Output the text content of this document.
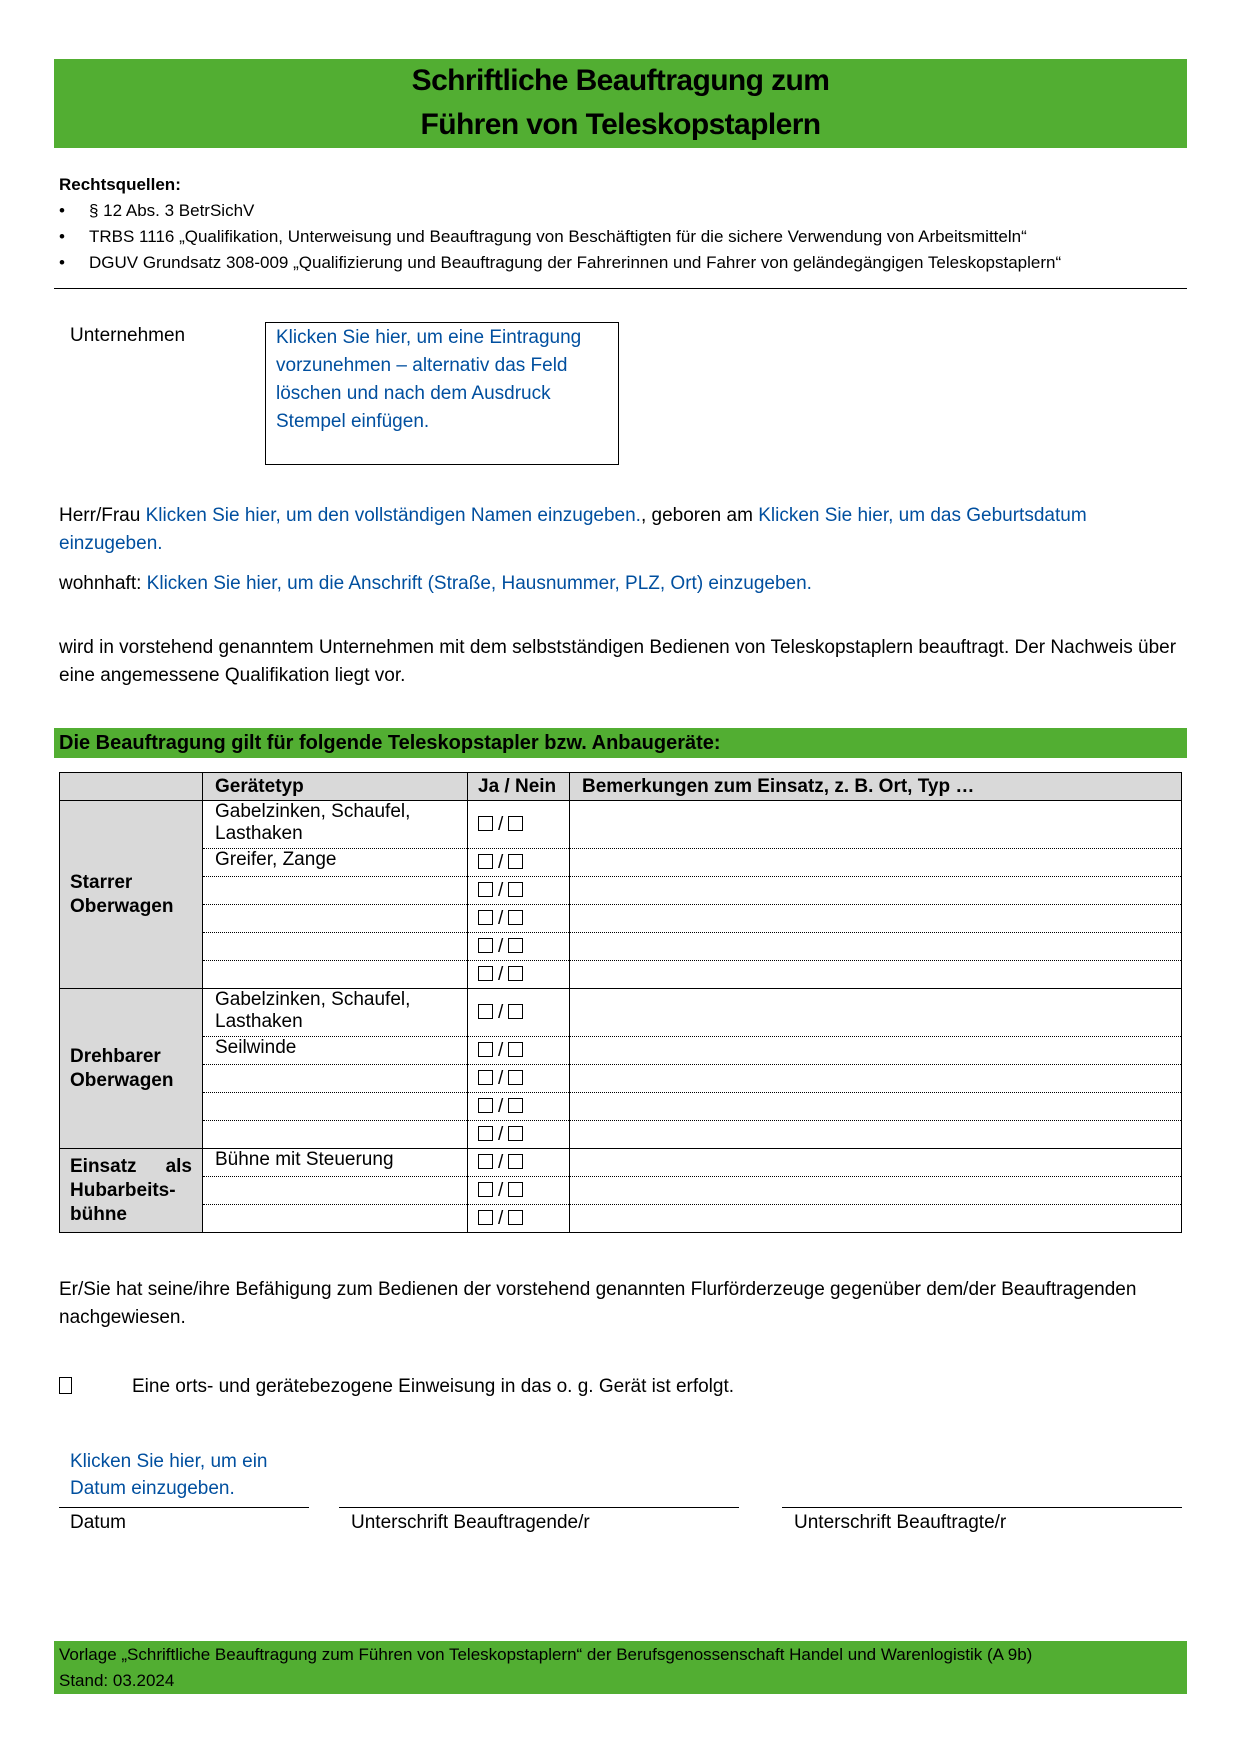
Schriftliche Beauftragung zum
Führen von Teleskopstaplern
Rechtsquellen:
• § 12 Abs. 3 BetrSichV
• TRBS 1116 „Qualifikation, Unterweisung und Beauftragung von Beschäftigten für die sichere Verwendung von Arbeitsmitteln“
• DGUV Grundsatz 308-009 „Qualifizierung und Beauftragung der Fahrerinnen und Fahrer von geländegängigen Teleskopstaplern“
Unternehmen	Klicken Sie hier, um eine Eintragung vorzunehmen – alternativ das Feld löschen und nach dem Ausdruck Stempel einfügen.
Herr/Frau Klicken Sie hier, um den vollständigen Namen einzugeben., geboren am Klicken Sie hier, um das Geburtsdatum einzugeben.
wohnhaft: Klicken Sie hier, um die Anschrift (Straße, Hausnummer, PLZ, Ort) einzugeben.
wird in vorstehend genanntem Unternehmen mit dem selbstständigen Bedienen von Teleskopstaplern beauftragt. Der Nachweis über eine angemessene Qualifikation liegt vor.
Die Beauftragung gilt für folgende Teleskopstapler bzw. Anbaugeräte:
	Gerätetyp	Ja / Nein	Bemerkungen zum Einsatz, z. B. Ort, Typ …
Starrer Oberwagen	Gabelzinken, Schaufel, Lasthaken	/	
	Greifer, Zange	/	
		/	
		/	
		/	
		/	
Drehbarer Oberwagen	Gabelzinken, Schaufel, Lasthaken	/	
	Seilwinde	/	
		/	
		/	
		/	
Einsatz als Hubarbeits-bühne	Bühne mit Steuerung	/	
		/	
		/	
Er/Sie hat seine/ihre Befähigung zum Bedienen der vorstehend genannten Flurförderzeuge gegenüber dem/der Beauftragenden nachgewiesen.
Eine orts- und gerätebezogene Einweisung in das o. g. Gerät ist erfolgt.
Klicken Sie hier, um ein Datum einzugeben.
Datum	Unterschrift Beauftragende/r	Unterschrift Beauftragte/r
Vorlage „Schriftliche Beauftragung zum Führen von Teleskopstaplern“ der Berufsgenossenschaft Handel und Warenlogistik (A 9b)
Stand: 03.2024
